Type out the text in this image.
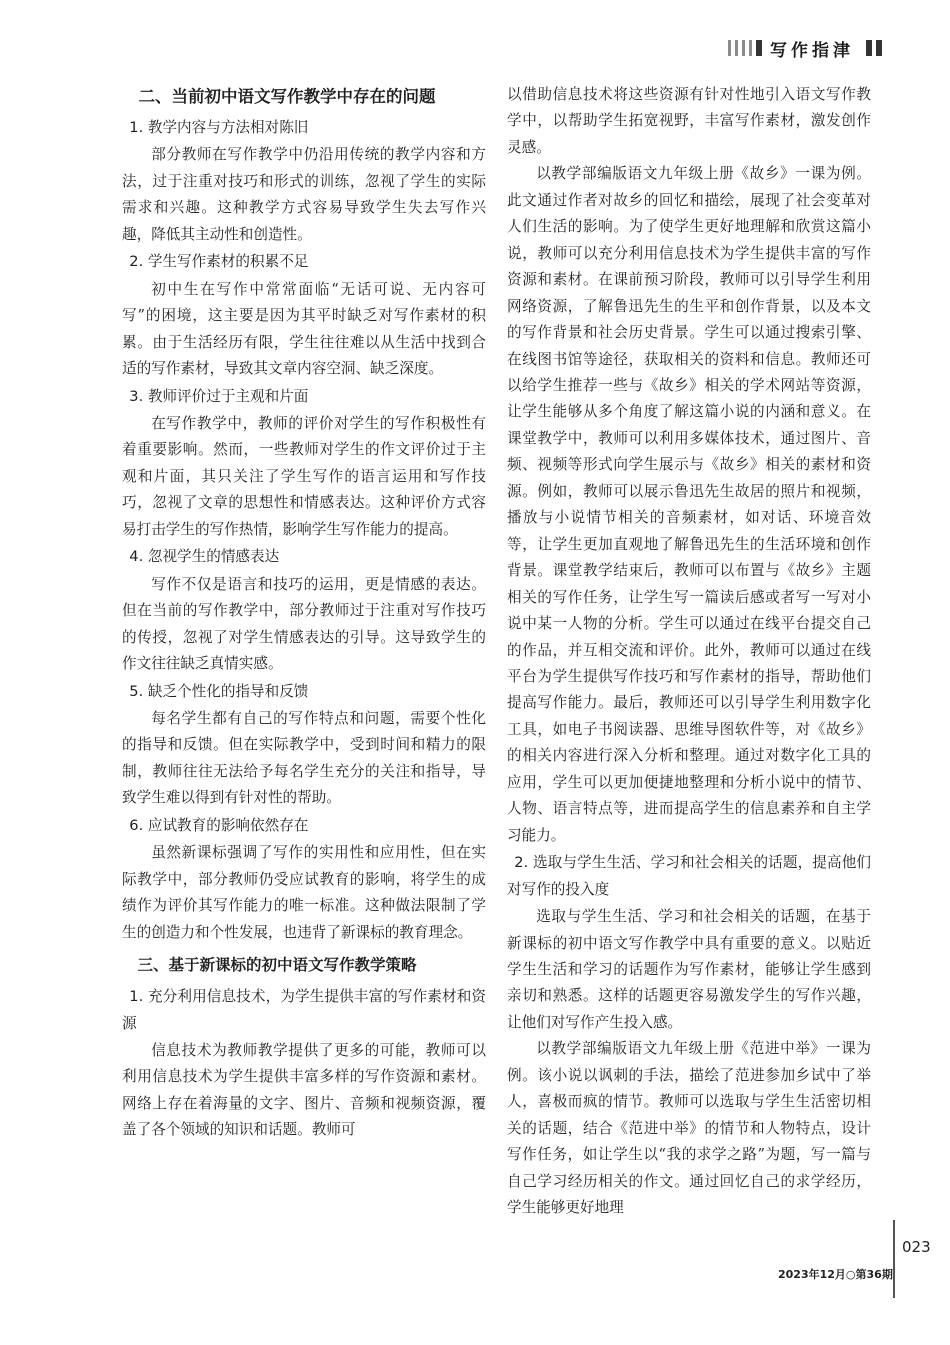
写作指津
二、当前初中语文写作教学中存在的问题
1. 教学内容与方法相对陈旧

部分教师在写作教学中仍沿用传统的教学内容和方法，过于注重对技巧和形式的训练，忽视了学生的实际需求和兴趣。这种教学方式容易导致学生失去写作兴趣，降低其主动性和创造性。

2. 学生写作素材的积累不足

初中生在写作中常常面临“无话可说、无内容可写”的困境，这主要是因为其平时缺乏对写作素材的积累。由于生活经历有限，学生往往难以从生活中找到合适的写作素材，导致其文章内容空洞、缺乏深度。

3. 教师评价过于主观和片面

在写作教学中，教师的评价对学生的写作积极性有着重要影响。然而，一些教师对学生的作文评价过于主观和片面，其只关注了学生写作的语言运用和写作技巧，忽视了文章的思想性和情感表达。这种评价方式容易打击学生的写作热情，影响学生写作能力的提高。

4. 忽视学生的情感表达

写作不仅是语言和技巧的运用，更是情感的表达。但在当前的写作教学中，部分教师过于注重对写作技巧的传授，忽视了对学生情感表达的引导。这导致学生的作文往往缺乏真情实感。

5. 缺乏个性化的指导和反馈

每名学生都有自己的写作特点和问题，需要个性化的指导和反馈。但在实际教学中，受到时间和精力的限制，教师往往无法给予每名学生充分的关注和指导，导致学生难以得到有针对性的帮助。

6. 应试教育的影响依然存在

虽然新课标强调了写作的实用性和应用性，但在实际教学中，部分教师仍受应试教育的影响，将学生的成绩作为评价其写作能力的唯一标准。这种做法限制了学生的创造力和个性发展，也违背了新课标的教育理念。

三、基于新课标的初中语文写作教学策略
1. 充分利用信息技术，为学生提供丰富的写作素材和资源

信息技术为教师教学提供了更多的可能，教师可以利用信息技术为学生提供丰富多样的写作资源和素材。网络上存在着海量的文字、图片、音频和视频资源，覆盖了各个领域的知识和话题。教师可

以借助信息技术将这些资源有针对性地引入语文写作教学中，以帮助学生拓宽视野，丰富写作素材，激发创作灵感。

以教学部编版语文九年级上册《故乡》一课为例。此文通过作者对故乡的回忆和描绘，展现了社会变革对人们生活的影响。为了使学生更好地理解和欣赏这篇小说，教师可以充分利用信息技术为学生提供丰富的写作资源和素材。在课前预习阶段，教师可以引导学生利用网络资源，了解鲁迅先生的生平和创作背景，以及本文的写作背景和社会历史背景。学生可以通过搜索引擎、在线图书馆等途径，获取相关的资料和信息。教师还可以给学生推荐一些与《故乡》相关的学术网站等资源，让学生能够从多个角度了解这篇小说的内涵和意义。在课堂教学中，教师可以利用多媒体技术，通过图片、音频、视频等形式向学生展示与《故乡》相关的素材和资源。例如，教师可以展示鲁迅先生故居的照片和视频，播放与小说情节相关的音频素材，如对话、环境音效等，让学生更加直观地了解鲁迅先生的生活环境和创作背景。课堂教学结束后，教师可以布置与《故乡》主题相关的写作任务，让学生写一篇读后感或者写一写对小说中某一人物的分析。学生可以通过在线平台提交自己的作品，并互相交流和评价。此外，教师可以通过在线平台为学生提供写作技巧和写作素材的指导，帮助他们提高写作能力。最后，教师还可以引导学生利用数字化工具，如电子书阅读器、思维导图软件等，对《故乡》的相关内容进行深入分析和整理。通过对数字化工具的应用，学生可以更加便捷地整理和分析小说中的情节、人物、语言特点等，进而提高学生的信息素养和自主学习能力。

2. 选取与学生生活、学习和社会相关的话题，提高他们对写作的投入度

选取与学生生活、学习和社会相关的话题，在基于新课标的初中语文写作教学中具有重要的意义。以贴近学生生活和学习的话题作为写作素材，能够让学生感到亲切和熟悉。这样的话题更容易激发学生的写作兴趣，让他们对写作产生投入感。

以教学部编版语文九年级上册《范进中举》一课为例。该小说以讽刺的手法，描绘了范进参加乡试中了举人，喜极而疯的情节。教师可以选取与学生生活密切相关的话题，结合《范进中举》的情节和人物特点，设计写作任务，如让学生以“我的求学之路”为题，写一篇与自己学习经历相关的作文。通过回忆自己的求学经历，学生能够更好地理

023
2023年12月○第36期
